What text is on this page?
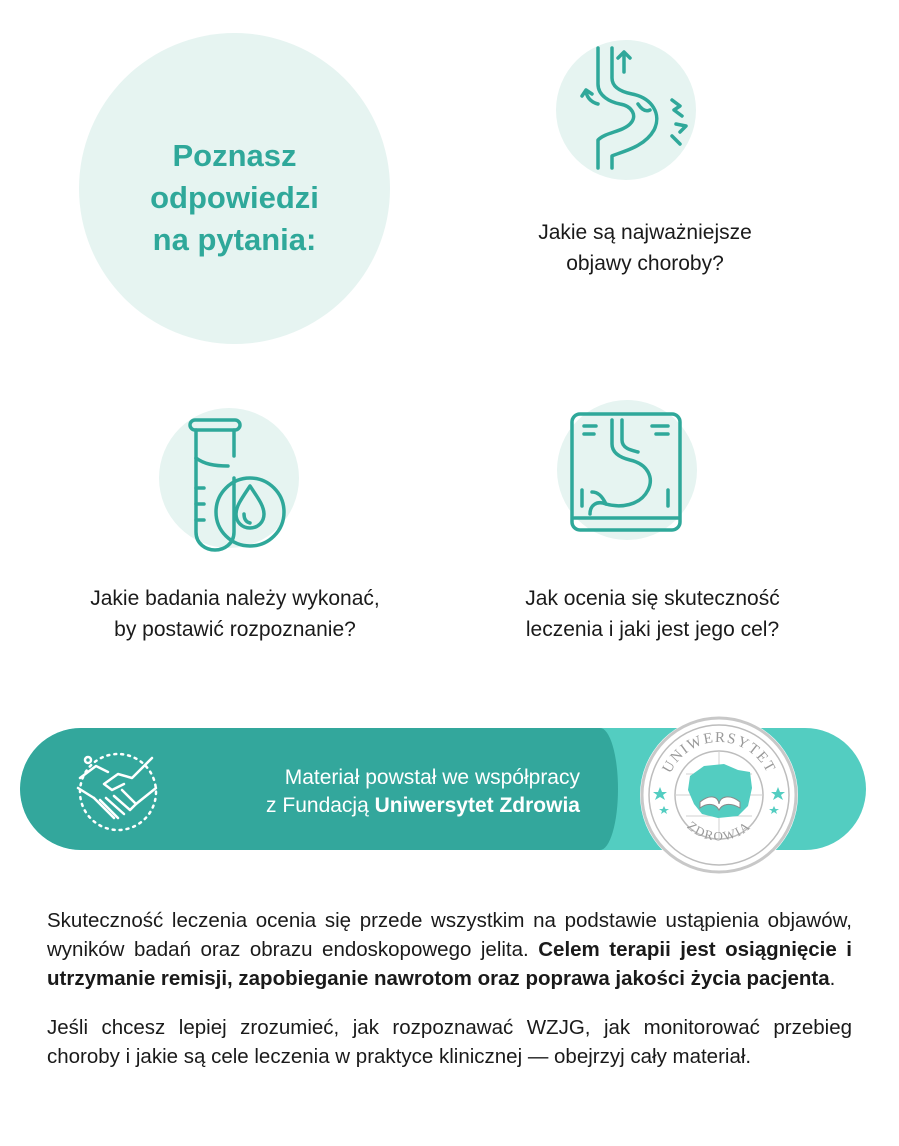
Poznasz
odpowiedzi
na pytania:	Jakie są najważniejsze
objawy choroby?
Jakie badania należy wykonać,
by postawić rozpoznanie?
Jak ocenia się skuteczność
leczenia i jaki jest jego cel?
Materiał powstał we współpracy
z Fundacją Uniwersytet Zdrowia
UNIWERSYTET
ZDROWIA

Skuteczność leczenia ocenia się przede wszystkim na podstawie ustąpienia objawów, wyników badań oraz obrazu endoskopowego jelita. Celem terapii jest osiągnięcie i utrzymanie remisji, zapobieganie nawrotom oraz poprawa jakości życia pacjenta.

Jeśli chcesz lepiej zrozumieć, jak rozpoznawać WZJG, jak monitorować przebieg choroby i jakie są cele leczenia w praktyce klinicznej — obejrzyj cały materiał.
